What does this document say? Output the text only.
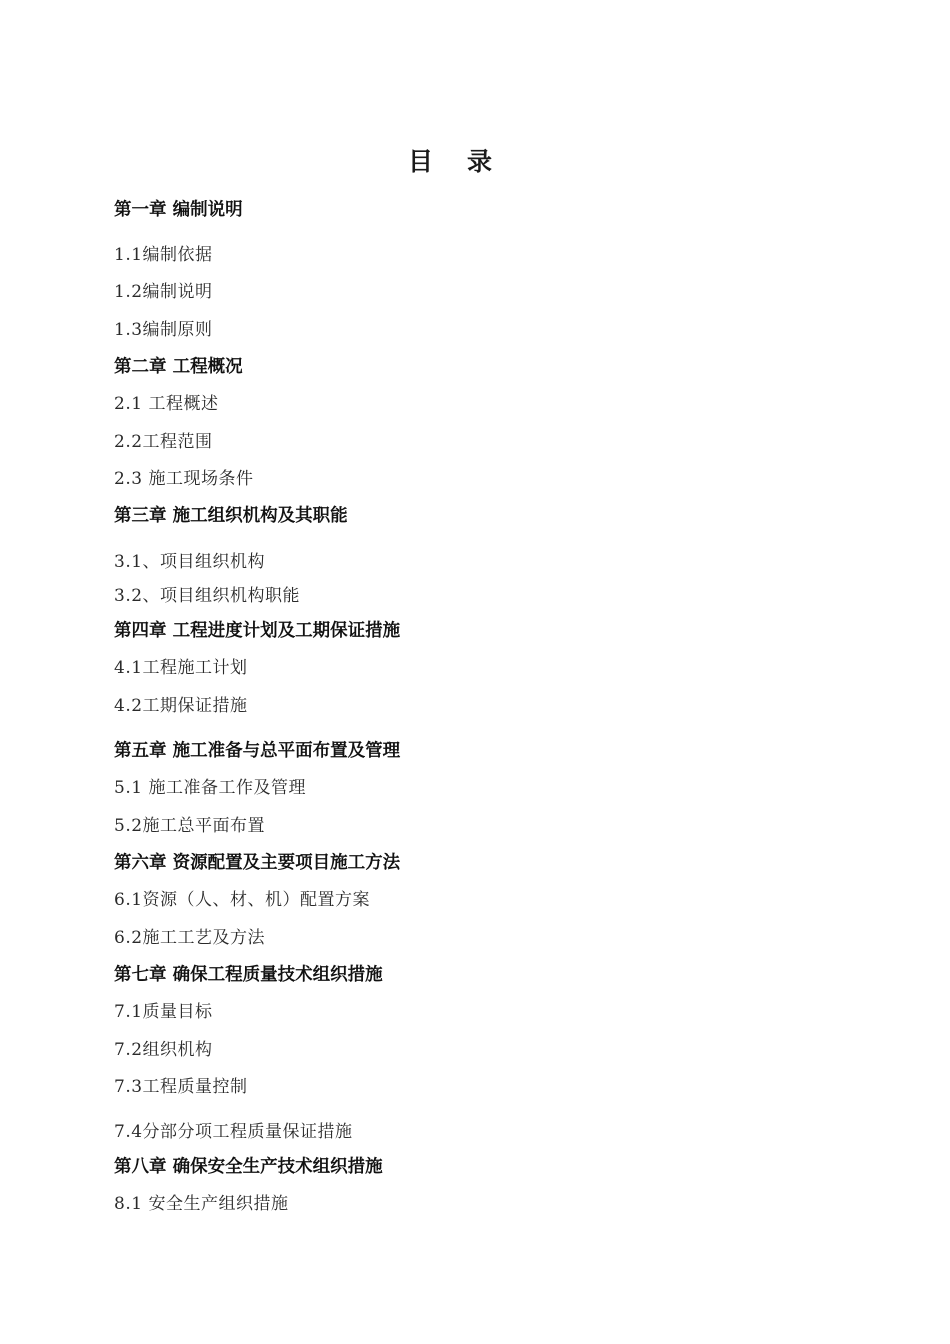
目 录
第一章 编制说明
1.1编制依据
1.2编制说明
1.3编制原则
第二章 工程概况
2.1 工程概述
2.2工程范围
2.3 施工现场条件
第三章 施工组织机构及其职能
3.1、项目组织机构
3.2、项目组织机构职能
第四章 工程进度计划及工期保证措施
4.1工程施工计划
4.2工期保证措施
第五章 施工准备与总平面布置及管理
5.1 施工准备工作及管理
5.2施工总平面布置
第六章 资源配置及主要项目施工方法
6.1资源（人、材、机）配置方案
6.2施工工艺及方法
第七章 确保工程质量技术组织措施
7.1质量目标
7.2组织机构
7.3工程质量控制
7.4分部分项工程质量保证措施
第八章 确保安全生产技术组织措施
8.1 安全生产组织措施
